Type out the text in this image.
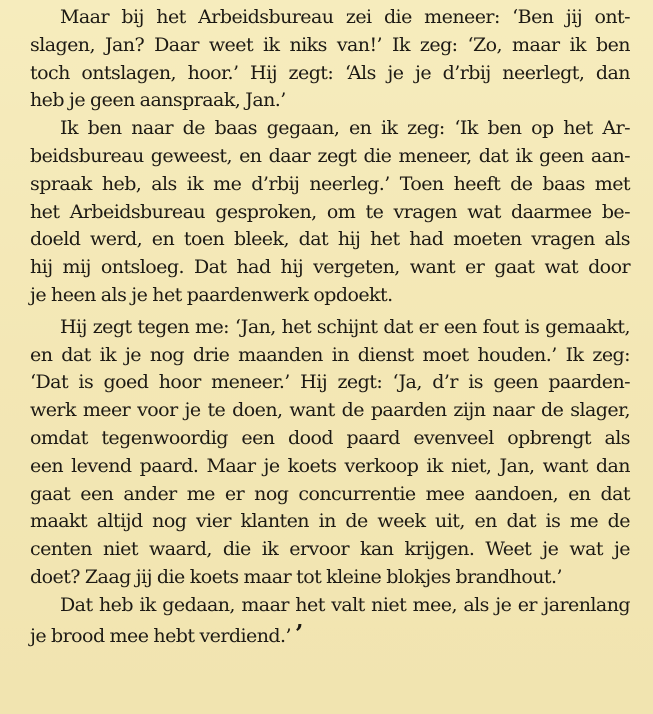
Maar bij het Arbeidsbureau zei die meneer: ‘Ben jij ont-
slagen, Jan? Daar weet ik niks van!’ Ik zeg: ‘Zo, maar ik ben
toch ontslagen, hoor.’ Hij zegt: ‘Als je je d’rbij neerlegt, dan
heb je geen aanspraak, Jan.’
Ik ben naar de baas gegaan, en ik zeg: ‘Ik ben op het Ar-
beidsbureau geweest, en daar zegt die meneer, dat ik geen aan-
spraak heb, als ik me d’rbij neerleg.’ Toen heeft de baas met
het Arbeidsbureau gesproken, om te vragen wat daarmee be-
doeld werd, en toen bleek, dat hij het had moeten vragen als
hij mij ontsloeg. Dat had hij vergeten, want er gaat wat door
je heen als je het paardenwerk opdoekt.
Hij zegt tegen me: ‘Jan, het schijnt dat er een fout is gemaakt,
en dat ik je nog drie maanden in dienst moet houden.’ Ik zeg:
‘Dat is goed hoor meneer.’ Hij zegt: ‘Ja, d’r is geen paarden-
werk meer voor je te doen, want de paarden zijn naar de slager,
omdat tegenwoordig een dood paard evenveel opbrengt als
een levend paard. Maar je koets verkoop ik niet, Jan, want dan
gaat een ander me er nog concurrentie mee aandoen, en dat
maakt altijd nog vier klanten in de week uit, en dat is me de
centen niet waard, die ik ervoor kan krijgen. Weet je wat je
doet? Zaag jij die koets maar tot kleine blokjes brandhout.’
Dat heb ik gedaan, maar het valt niet mee, als je er jarenlang
je brood mee hebt verdiend.’ ’
